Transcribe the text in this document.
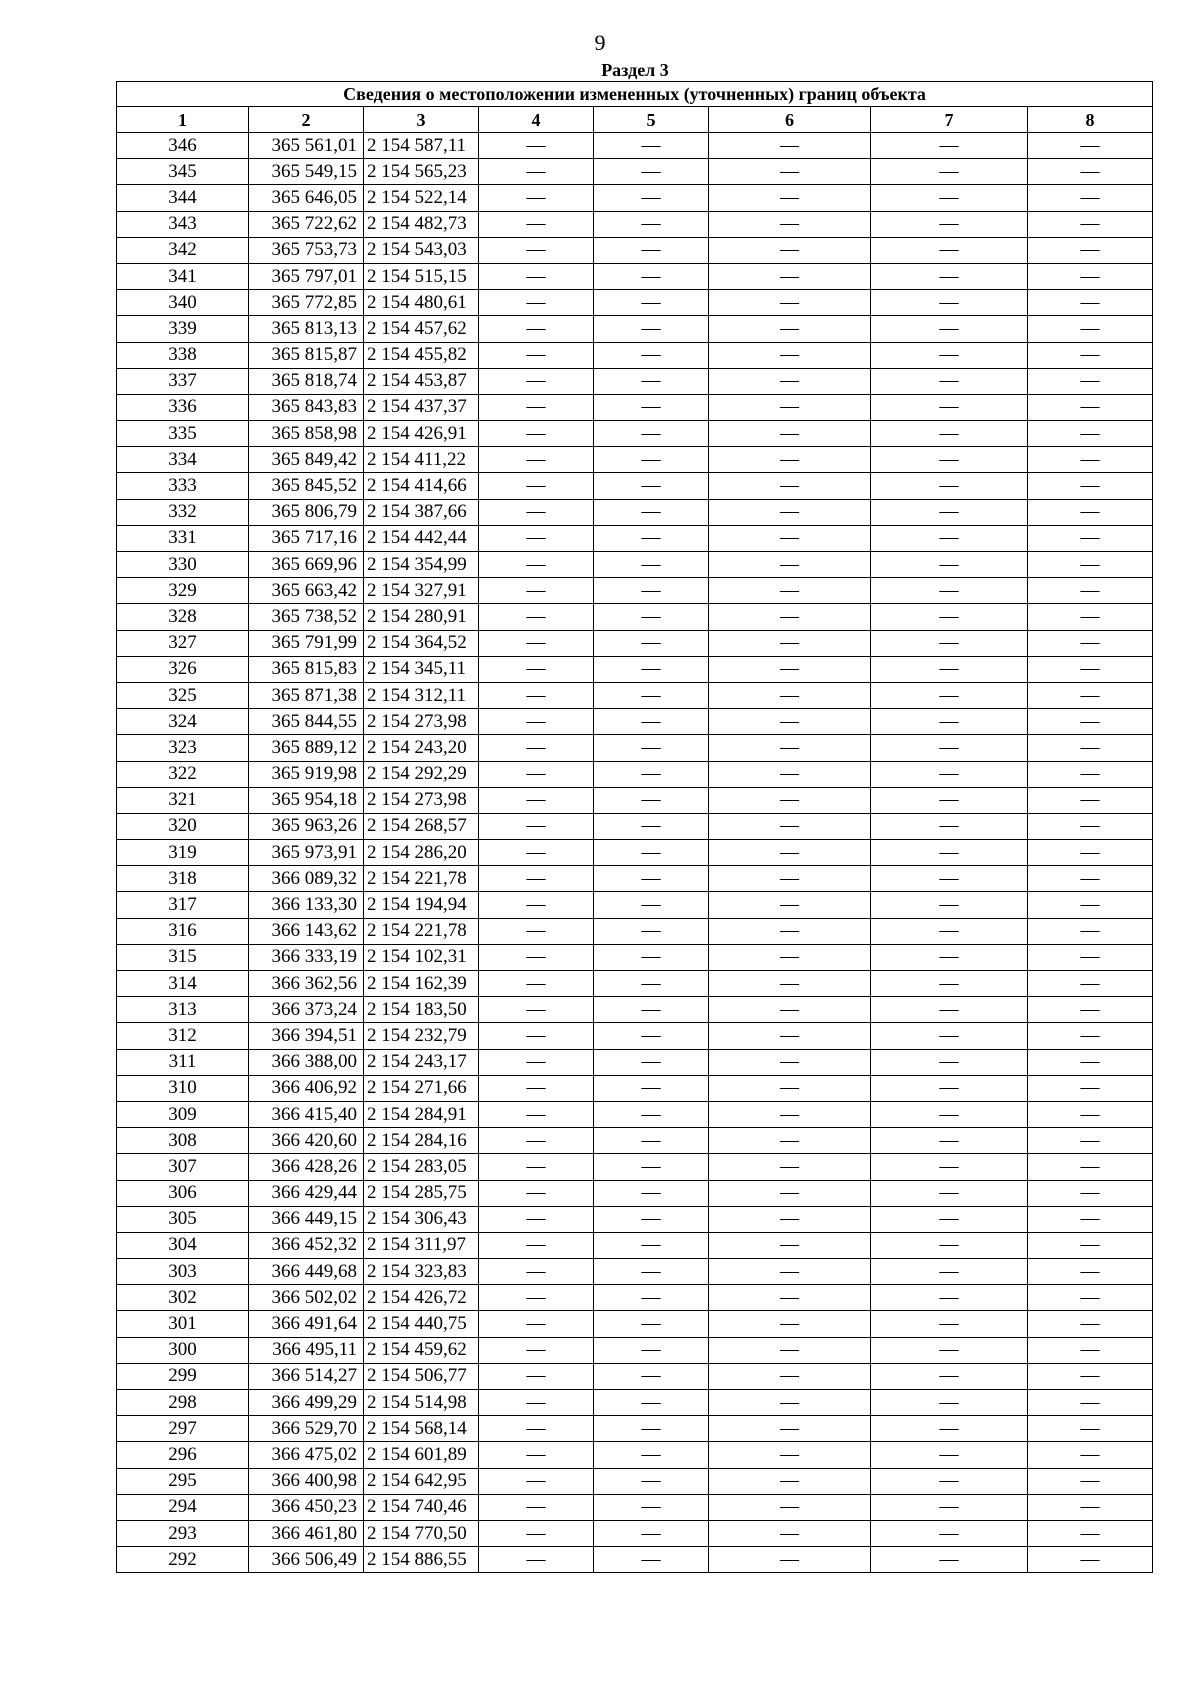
9
Раздел 3
Сведения о местоположении измененных (уточненных) границ объекта							
1	2	3	4	5	6	7	8
346	365 561,01	2 154 587,11	—	—	—	—	—
345	365 549,15	2 154 565,23	—	—	—	—	—
344	365 646,05	2 154 522,14	—	—	—	—	—
343	365 722,62	2 154 482,73	—	—	—	—	—
342	365 753,73	2 154 543,03	—	—	—	—	—
341	365 797,01	2 154 515,15	—	—	—	—	—
340	365 772,85	2 154 480,61	—	—	—	—	—
339	365 813,13	2 154 457,62	—	—	—	—	—
338	365 815,87	2 154 455,82	—	—	—	—	—
337	365 818,74	2 154 453,87	—	—	—	—	—
336	365 843,83	2 154 437,37	—	—	—	—	—
335	365 858,98	2 154 426,91	—	—	—	—	—
334	365 849,42	2 154 411,22	—	—	—	—	—
333	365 845,52	2 154 414,66	—	—	—	—	—
332	365 806,79	2 154 387,66	—	—	—	—	—
331	365 717,16	2 154 442,44	—	—	—	—	—
330	365 669,96	2 154 354,99	—	—	—	—	—
329	365 663,42	2 154 327,91	—	—	—	—	—
328	365 738,52	2 154 280,91	—	—	—	—	—
327	365 791,99	2 154 364,52	—	—	—	—	—
326	365 815,83	2 154 345,11	—	—	—	—	—
325	365 871,38	2 154 312,11	—	—	—	—	—
324	365 844,55	2 154 273,98	—	—	—	—	—
323	365 889,12	2 154 243,20	—	—	—	—	—
322	365 919,98	2 154 292,29	—	—	—	—	—
321	365 954,18	2 154 273,98	—	—	—	—	—
320	365 963,26	2 154 268,57	—	—	—	—	—
319	365 973,91	2 154 286,20	—	—	—	—	—
318	366 089,32	2 154 221,78	—	—	—	—	—
317	366 133,30	2 154 194,94	—	—	—	—	—
316	366 143,62	2 154 221,78	—	—	—	—	—
315	366 333,19	2 154 102,31	—	—	—	—	—
314	366 362,56	2 154 162,39	—	—	—	—	—
313	366 373,24	2 154 183,50	—	—	—	—	—
312	366 394,51	2 154 232,79	—	—	—	—	—
311	366 388,00	2 154 243,17	—	—	—	—	—
310	366 406,92	2 154 271,66	—	—	—	—	—
309	366 415,40	2 154 284,91	—	—	—	—	—
308	366 420,60	2 154 284,16	—	—	—	—	—
307	366 428,26	2 154 283,05	—	—	—	—	—
306	366 429,44	2 154 285,75	—	—	—	—	—
305	366 449,15	2 154 306,43	—	—	—	—	—
304	366 452,32	2 154 311,97	—	—	—	—	—
303	366 449,68	2 154 323,83	—	—	—	—	—
302	366 502,02	2 154 426,72	—	—	—	—	—
301	366 491,64	2 154 440,75	—	—	—	—	—
300	366 495,11	2 154 459,62	—	—	—	—	—
299	366 514,27	2 154 506,77	—	—	—	—	—
298	366 499,29	2 154 514,98	—	—	—	—	—
297	366 529,70	2 154 568,14	—	—	—	—	—
296	366 475,02	2 154 601,89	—	—	—	—	—
295	366 400,98	2 154 642,95	—	—	—	—	—
294	366 450,23	2 154 740,46	—	—	—	—	—
293	366 461,80	2 154 770,50	—	—	—	—	—
292	366 506,49	2 154 886,55	—	—	—	—	—
